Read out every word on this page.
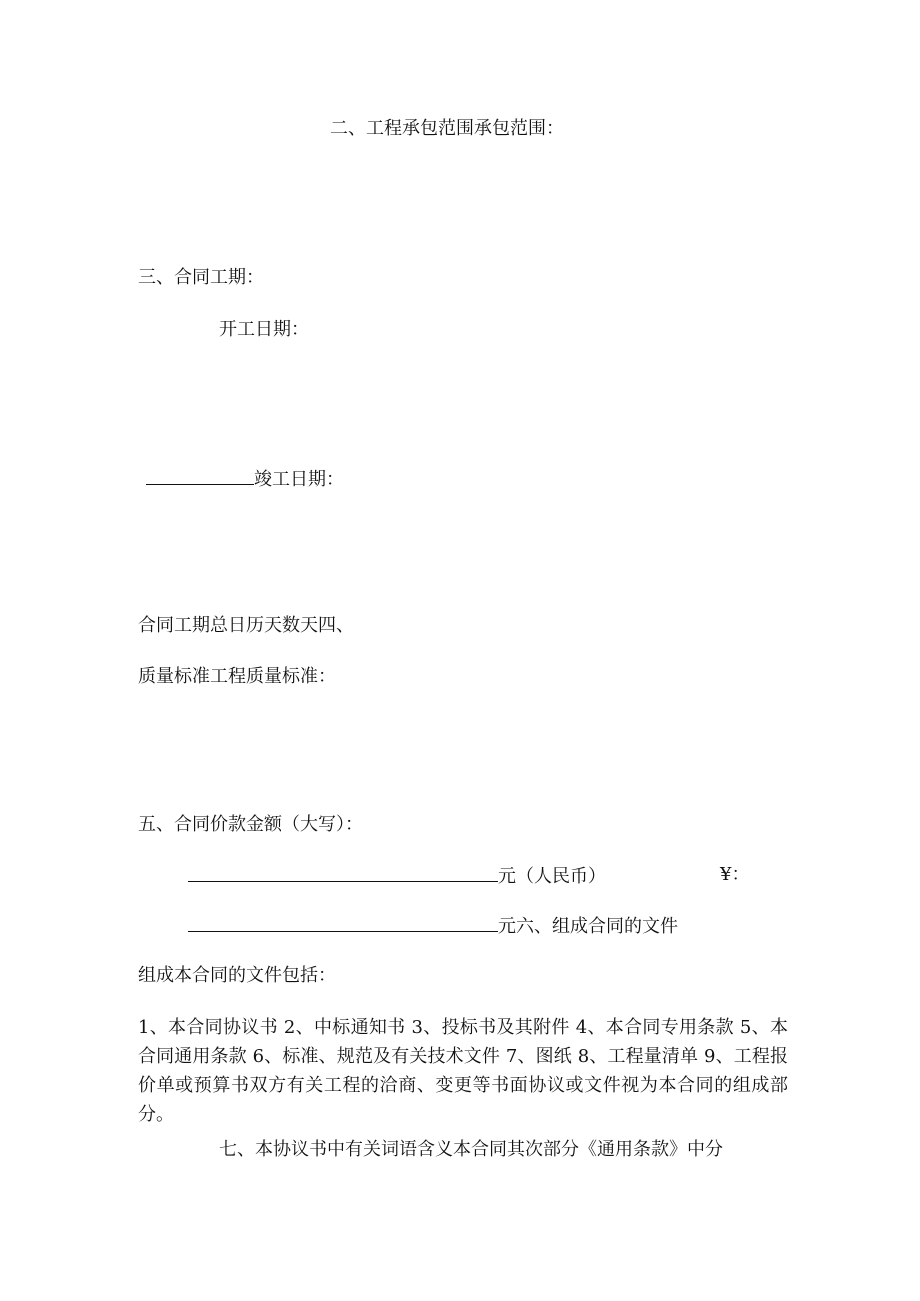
二、工程承包范围承包范围：
三、合同工期：
开工日期：
竣工日期：
合同工期总日历天数天四、
质量标准工程质量标准：
五、合同价款金额（大写）：
元（人民币）	¥：
元六、组成合同的文件
组成本合同的文件包括：
1、本合同协议书 2、中标通知书 3、投标书及其附件 4、本合同专用条款 5、本合同通用条款 6、标准、规范及有关技术文件 7、图纸 8、工程量清单 9、工程报价单或预算书双方有关工程的洽商、变更等书面协议或文件视为本合同的组成部分。
七、本协议书中有关词语含义本合同其次部分《通用条款》中分
